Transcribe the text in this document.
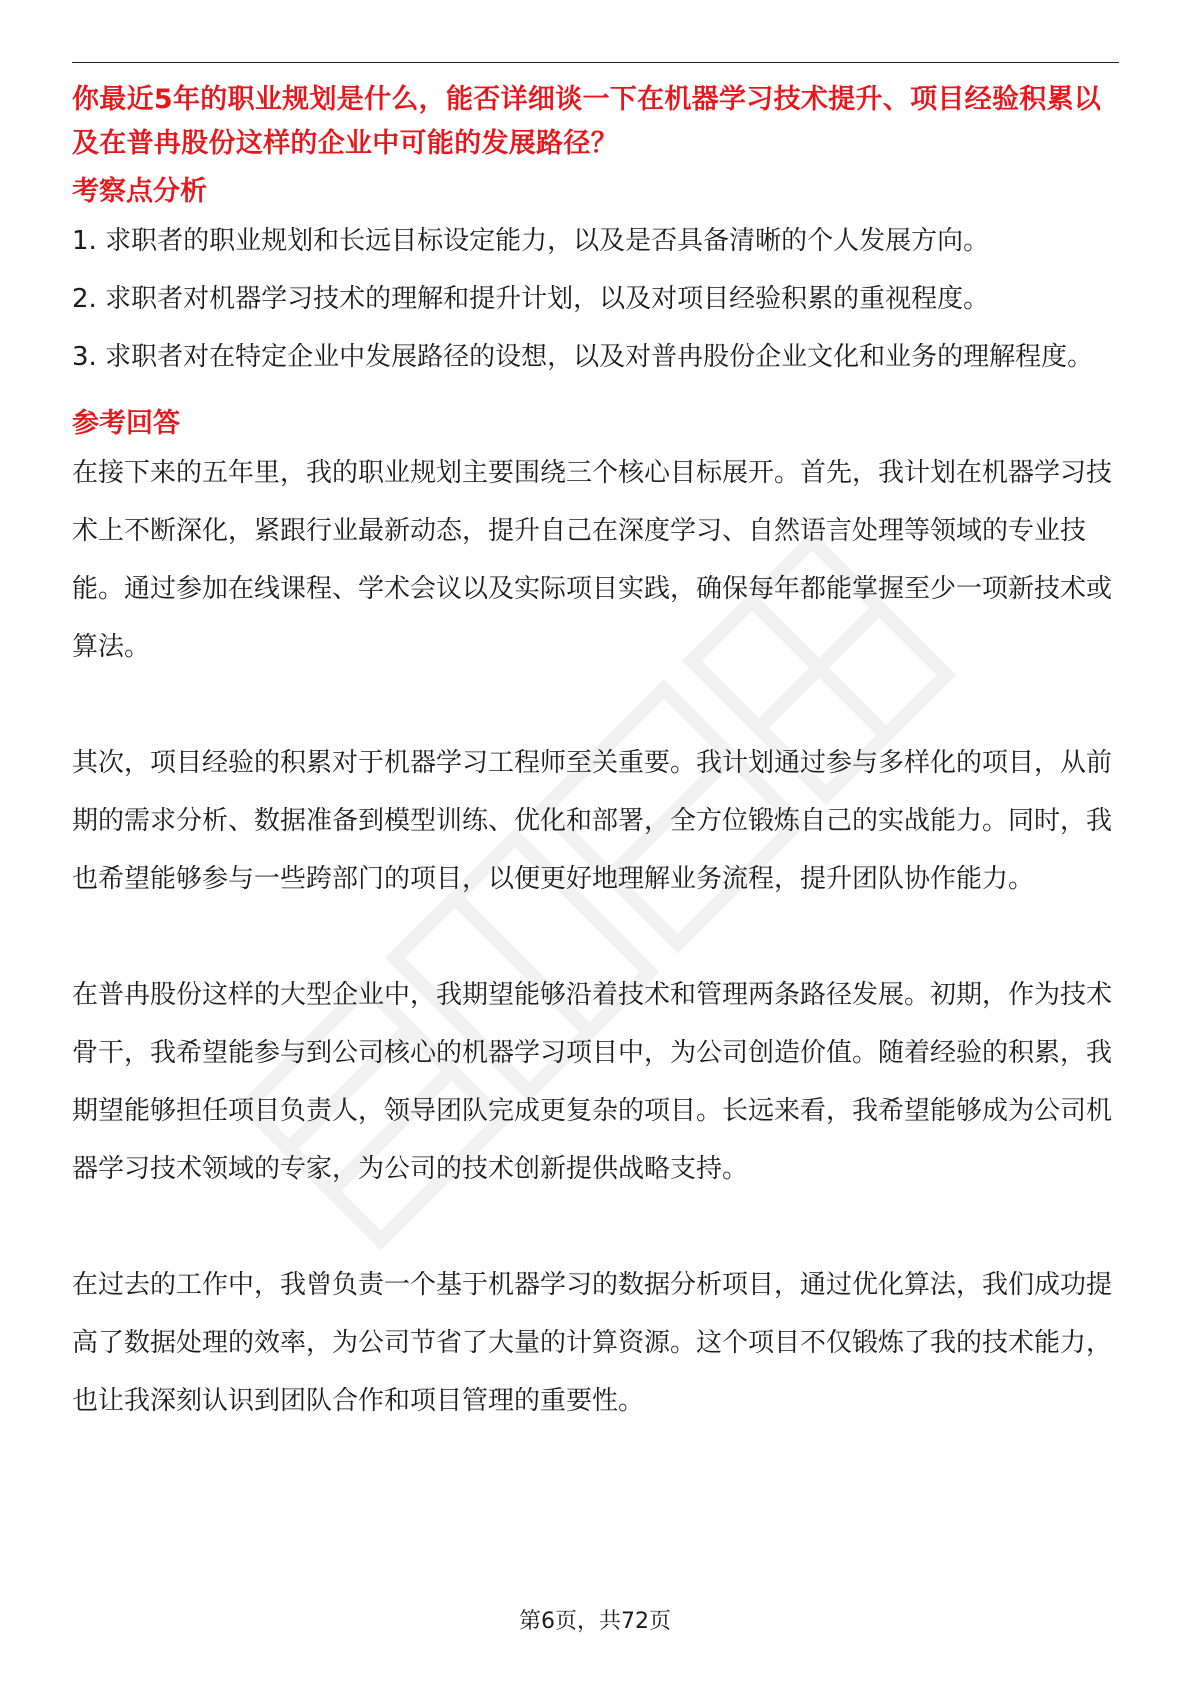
你最近5年的职业规划是什么，能否详细谈一下在机器学习技术提升、项目经验积累以及在普冉股份这样的企业中可能的发展路径？

考察点分析
1. 求职者的职业规划和长远目标设定能力，以及是否具备清晰的个人发展方向。
2. 求职者对机器学习技术的理解和提升计划，以及对项目经验积累的重视程度。
3. 求职者对在特定企业中发展路径的设想，以及对普冉股份企业文化和业务的理解程度。
参考回答

在接下来的五年里，我的职业规划主要围绕三个核心目标展开。首先，我计划在机器学习技术上不断深化，紧跟行业最新动态，提升自己在深度学习、自然语言处理等领域的专业技能。通过参加在线课程、学术会议以及实际项目实践，确保每年都能掌握至少一项新技术或算法。

其次，项目经验的积累对于机器学习工程师至关重要。我计划通过参与多样化的项目，从前期的需求分析、数据准备到模型训练、优化和部署，全方位锻炼自己的实战能力。同时，我也希望能够参与一些跨部门的项目，以便更好地理解业务流程，提升团队协作能力。

在普冉股份这样的大型企业中，我期望能够沿着技术和管理两条路径发展。初期，作为技术骨干，我希望能参与到公司核心的机器学习项目中，为公司创造价值。随着经验的积累，我期望能够担任项目负责人，领导团队完成更复杂的项目。长远来看，我希望能够成为公司机器学习技术领域的专家，为公司的技术创新提供战略支持。

在过去的工作中，我曾负责一个基于机器学习的数据分析项目，通过优化算法，我们成功提高了数据处理的效率，为公司节省了大量的计算资源。这个项目不仅锻炼了我的技术能力，也让我深刻认识到团队合作和项目管理的重要性。

第6页，共72页
